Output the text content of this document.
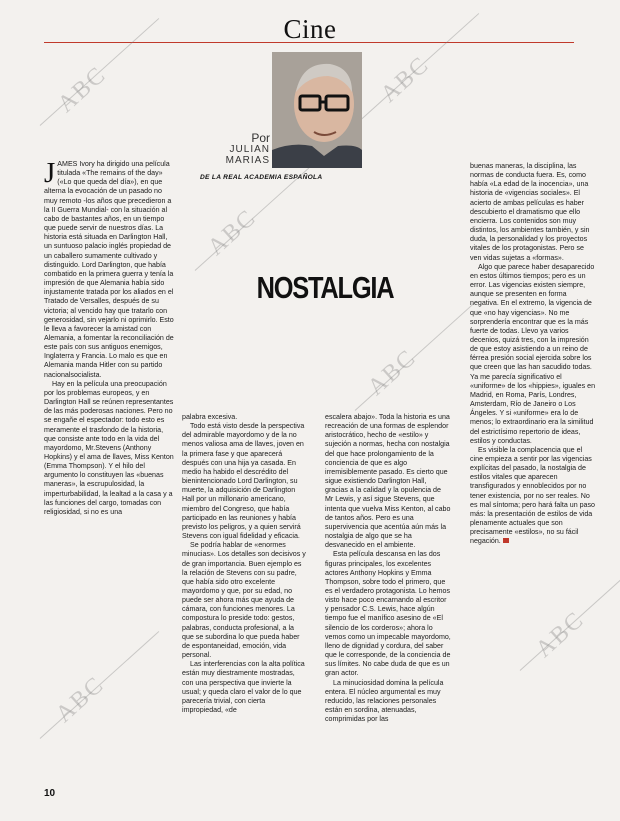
Cine
ABC	ABC
ABC
ABC
ABC
ABC
Por
JULIAN
MARIAS
DE LA REAL ACADEMIA ESPAÑOLA
NOSTALGIA

JAMES Ivory ha dirigido una película titulada «The remains of the day» («Lo que queda del día»), en que alterna la evocación de un pasado no muy remoto -los años que precedieron a la II Guerra Mundial- con la situación al cabo de bastantes años, en un tiempo que puede servir de nuestros días. La historia está situada en Darlington Hall, un suntuoso palacio inglés propiedad de un caballero sumamente cultivado y distinguido. Lord Darlington, que había combatido en la primera guerra y tenía la impresión de que Alemania había sido injustamente tratada por los aliados en el Tratado de Versalles, después de su victoria; al vencido hay que tratarlo con generosidad, sin vejarlo ni oprimirlo. Esto le lleva a favorecer la amistad con Alemania, a fomentar la reconciliación de este país con sus antiguos enemigos, Inglaterra y Francia. Lo malo es que en Alemania manda Hitler con su partido nacionalsocialista.

Hay en la película una preocupación por los problemas europeos, y en Darlington Hall se reúnen representantes de las más poderosas naciones. Pero no se engañe el espectador: todo esto es meramente el trasfondo de la historia, que consiste ante todo en la vida del mayordomo, Mr.Stevens (Anthony Hopkins) y el ama de llaves, Miss Kenton (Emma Thompson). Y el hilo del argumento lo constituyen las «buenas maneras», la escrupulosidad, la imperturbabilidad, la lealtad a la casa y a las funciones del cargo, tomadas con religiosidad, si no es una

palabra excesiva.

Todo está visto desde la perspectiva del admirable mayordomo y de la no menos valiosa ama de llaves, joven en la primera fase y que aparecerá después con una hija ya casada. En medio ha habido el descrédito del bienintencionado Lord Darlington, su muerte, la adquisición de Darlington Hall por un millonario americano, miembro del Congreso, que había participado en las reuniones y había previsto los peligros, y a quien servirá Stevens con igual fidelidad y eficacia.

Se podría hablar de «enormes minucias». Los detalles son decisivos y de gran importancia. Buen ejemplo es la relación de Stevens con su padre, que había sido otro excelente mayordomo y que, por su edad, no puede ser ahora más que ayuda de cámara, con funciones menores. La compostura lo preside todo: gestos, palabras, conducta profesional, a la que se subordina lo que pueda haber de espontaneidad, emoción, vida personal.

Las interferencias con la alta política están muy diestramente mostradas, con una perspectiva que invierte la usual; y queda claro el valor de lo que parecería trivial, con cierta impropiedad, «de

escalera abajo». Toda la historia es una recreación de una formas de esplendor aristocrático, hecho de «estilo» y sujeción a normas, hecha con nostalgia del que hace prolongamiento de la conciencia de que es algo irremisiblemente pasado. Es cierto que sigue existiendo Darlington Hall, gracias a la calidad y la opulencia de Mr Lewis, y así sigue Stevens, que intenta que vuelva Miss Kenton, al cabo de tantos años. Pero es una supervivencia que acentúa aún más la nostalgia de algo que se ha desvanecido en el ambiente.

Esta película descansa en las dos figuras principales, los excelentes actores Anthony Hopkins y Emma Thompson, sobre todo el primero, que es el verdadero protagonista. Lo hemos visto hace poco encarnando al escritor y pensador C.S. Lewis, hace algún tiempo fue el manífico asesino de «El silencio de los corderos»; ahora lo vemos como un impecable mayordomo, lleno de dignidad y cordura, del saber que le corresponde, de la conciencia de sus límites. No cabe duda de que es un gran actor.

La minuciosidad domina la película entera. El núcleo argumental es muy reducido, las relaciones personales están en sordina, atenuadas, comprimidas por las

buenas maneras, la disciplina, las normas de conducta fuera. Es, como había «La edad de la inocencia», una historia de «vigencias sociales». El acierto de ambas películas es haber descubierto el dramatismo que ello encierra. Los contenidos son muy distintos, los ambientes también, y sin duda, la personalidad y los proyectos vitales de los protagonistas. Pero se ven vidas sujetas a «formas».

Algo que parece haber desaparecido en estos últimos tiempos; pero es un error. Las vigencias existen siempre, aunque se presenten en forma negativa. En el extremo, la vigencia de que «no hay vigencias». No me sorprendería encontrar que es la más fuerte de todas. Llevo ya varios decenios, quizá tres, con la impresión de que estoy asistiendo a un reino de férrea presión social ejercida sobre los que creen que las han sacudido todas. Ya me parecía significativo el «uniforme» de los «hippies», iguales en Madrid, en Roma, París, Londres, Amsterdam, Río de Janeiro o Los Ángeles. Y si «uniforme» era lo de menos; lo extraordinario era la similitud del estrictísimo repertorio de ideas, estilos y conductas.

Es visible la complacencia que el cine empieza a sentir por las vigencias explícitas del pasado, la nostalgia de estilos vitales que aparecen transfigurados y ennoblecidos por no tener existencia, por no ser reales. No es mal síntoma; pero hará falta un paso más: la presentación de estilos de vida plenamente actuales que son precisamente «estilos», no su fácil negación.

10
